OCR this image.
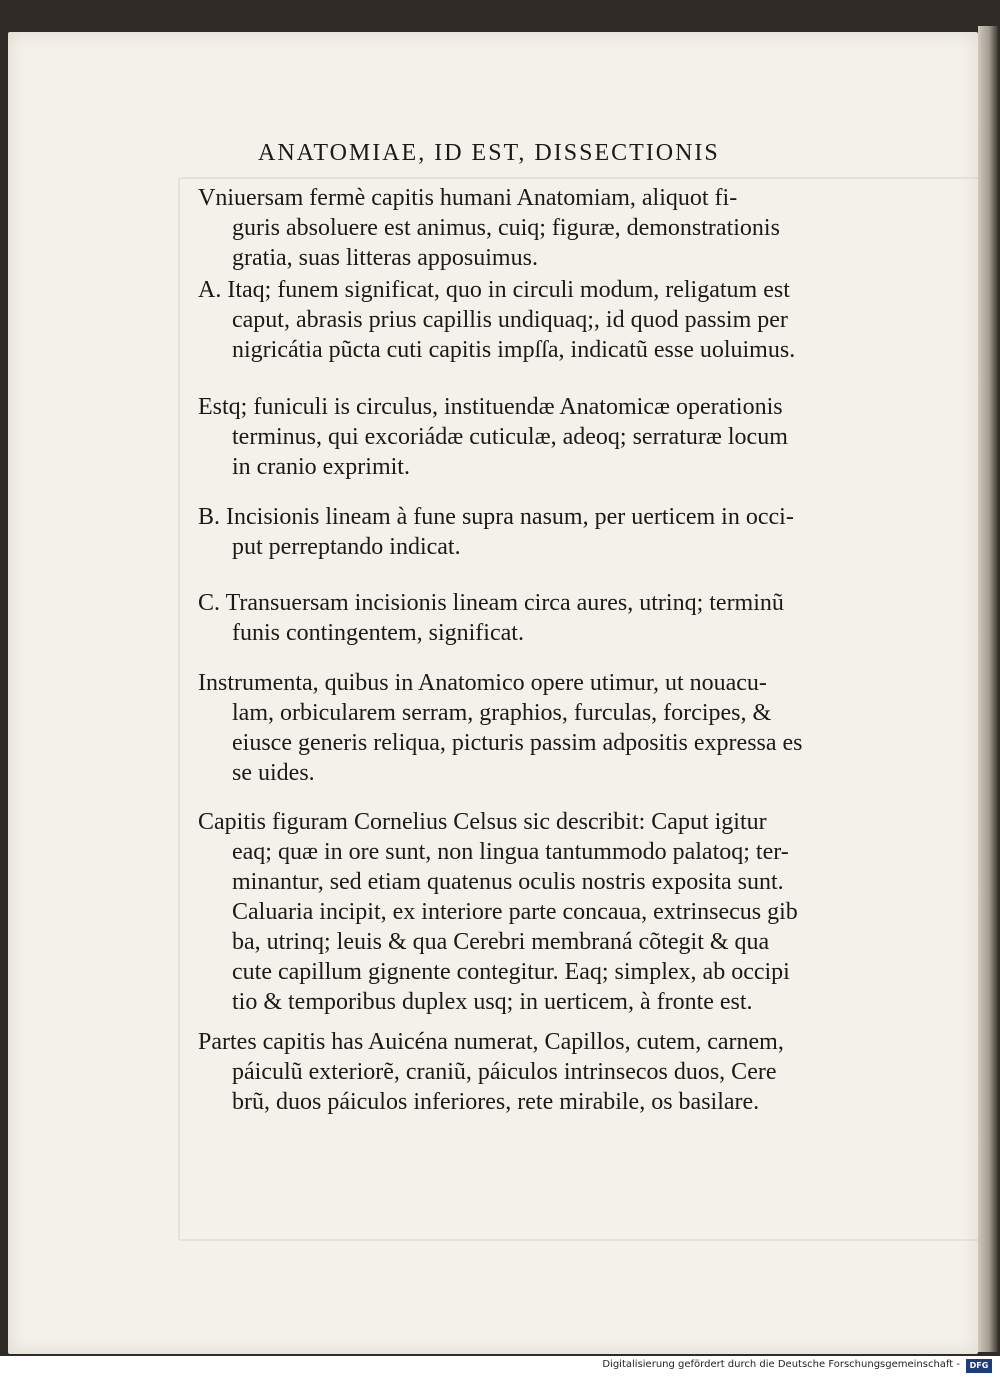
ANATOMIAE, ID EST, DISSECTIONIS
Vniuersam fermè capitis humani Anatomiam, aliquot fi-
guris absoluere est animus, cuiq; figuræ, demonstrationis
gratia, suas litteras apposuimus.
A. Itaq; funem significat, quo in circuli modum, religatum est
caput, abrasis prius capillis undiquaq;, id quod passim per
nigricátia pũcta cuti capitis impſſa, indicatũ esse uoluimus.
Estq; funiculi is circulus, instituendæ Anatomicæ operationis
terminus, qui excoriádæ cuticulæ, adeoq; serraturæ locum
in cranio exprimit.
B. Incisionis lineam à fune supra nasum, per uerticem in occi-
put perreptando indicat.
C. Transuersam incisionis lineam circa aures, utrinq; terminũ
funis contingentem, significat.
Instrumenta, quibus in Anatomico opere utimur, ut nouacu-
lam, orbicularem serram, graphios, furculas, forcipes, &
eiusce generis reliqua, picturis passim adpositis expressa es
se uides.
Capitis figuram Cornelius Celsus sic describit: Caput igitur
eaq; quæ in ore sunt, non lingua tantummodo palatoq; ter-
minantur, sed etiam quatenus oculis nostris exposita sunt.
Caluaria incipit, ex interiore parte concaua, extrinsecus gib
ba, utrinq; leuis & qua Cerebri membraná cõtegit & qua
cute capillum gignente contegitur. Eaq; simplex, ab occipi
tio & temporibus duplex usq; in uerticem, à fronte est.
Partes capitis has Auicéna numerat, Capillos, cutem, carnem,
páiculũ exteriorẽ, craniũ, páiculos intrinsecos duos, Cere
brũ, duos páiculos inferiores, rete mirabile, os basilare.
Digitalisierung gefördert durch die Deutsche Forschungsgemeinschaft -	DFG
